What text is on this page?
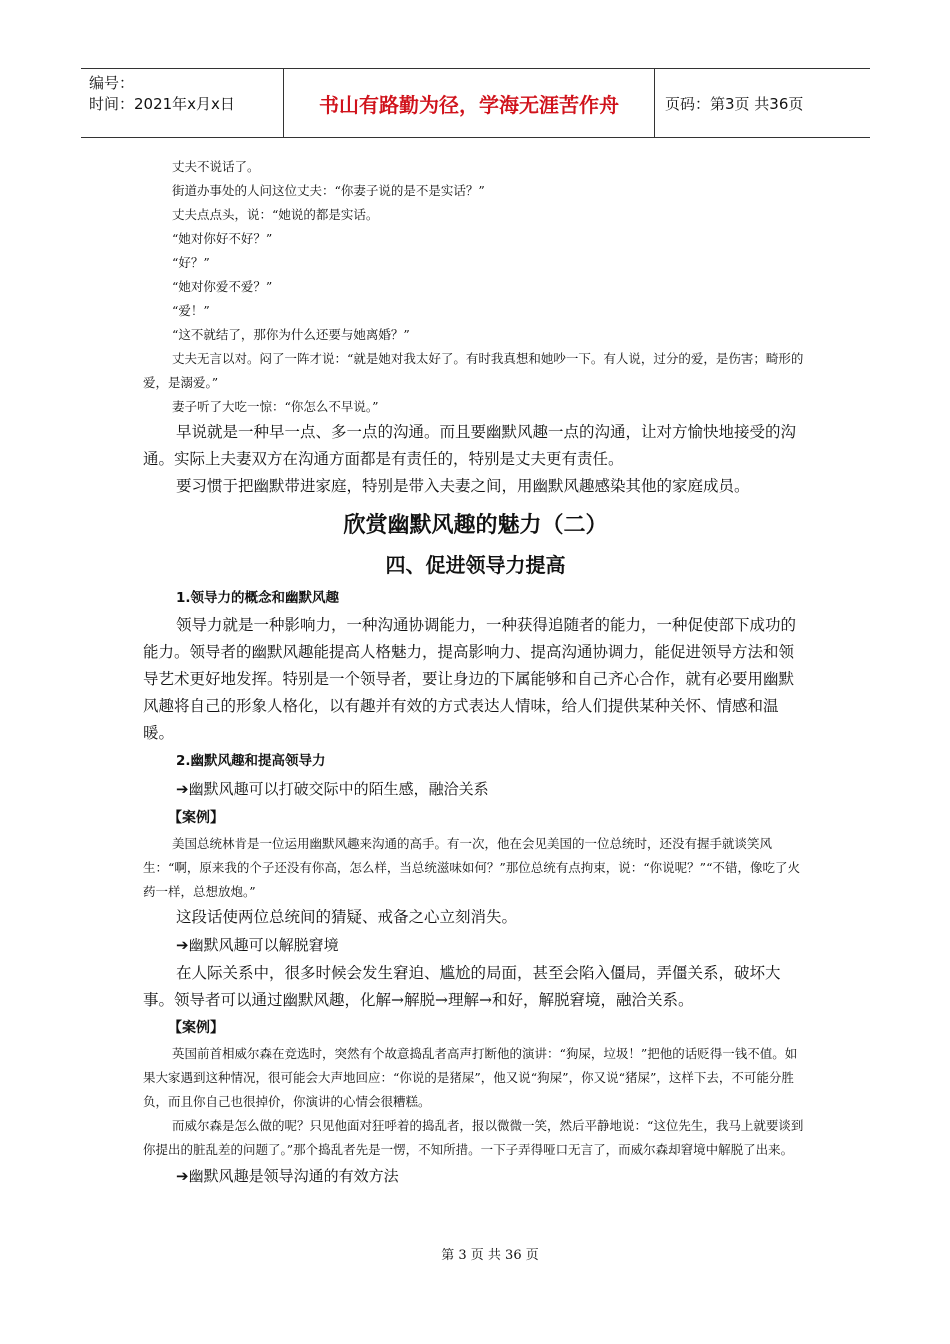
编号：
时间：2021年x月x日	书山有路勤为径，学海无涯苦作舟	页码：第3页 共36页

丈夫不说话了。

街道办事处的人问这位丈夫：“你妻子说的是不是实话？”

丈夫点点头，说：“她说的都是实话。

“她对你好不好？”

“好？”

“她对你爱不爱？”

“爱！”

“这不就结了，那你为什么还要与她离婚？”

丈夫无言以对。闷了一阵才说：“就是她对我太好了。有时我真想和她吵一下。有人说，过分的爱，是伤害；畸形的爱，是溺爱。”

妻子听了大吃一惊：“你怎么不早说。”

早说就是一种早一点、多一点的沟通。而且要幽默风趣一点的沟通，让对方愉快地接受的沟通。实际上夫妻双方在沟通方面都是有责任的，特别是丈夫更有责任。

要习惯于把幽默带进家庭，特别是带入夫妻之间，用幽默风趣感染其他的家庭成员。

欣赏幽默风趣的魅力（二）
四、促进领导力提高

1.领导力的概念和幽默风趣

领导力就是一种影响力，一种沟通协调能力，一种获得追随者的能力，一种促使部下成功的能力。领导者的幽默风趣能提高人格魅力，提高影响力、提高沟通协调力，能促进领导方法和领导艺术更好地发挥。特别是一个领导者，要让身边的下属能够和自己齐心合作，就有必要用幽默风趣将自己的形象人格化，以有趣并有效的方式表达人情味，给人们提供某种关怀、情感和温暖。

2.幽默风趣和提高领导力

➔幽默风趣可以打破交际中的陌生感，融洽关系

【案例】

美国总统林肯是一位运用幽默风趣来沟通的高手。有一次，他在会见美国的一位总统时，还没有握手就谈笑风生：“啊，原来我的个子还没有你高，怎么样，当总统滋味如何？”那位总统有点拘束，说：“你说呢？”“不错，像吃了火药一样，总想放炮。”

这段话使两位总统间的猜疑、戒备之心立刻消失。

➔幽默风趣可以解脱窘境

在人际关系中，很多时候会发生窘迫、尴尬的局面，甚至会陷入僵局，弄僵关系，破坏大事。领导者可以通过幽默风趣，化解→解脱→理解→和好，解脱窘境，融洽关系。

【案例】

英国前首相威尔森在竞选时，突然有个故意捣乱者高声打断他的演讲：“狗屎，垃圾！”把他的话贬得一钱不值。如果大家遇到这种情况，很可能会大声地回应：“你说的是猪屎”，他又说“狗屎”，你又说“猪屎”，这样下去，不可能分胜负，而且你自己也很掉价，你演讲的心情会很糟糕。

而威尔森是怎么做的呢？只见他面对狂呼着的捣乱者，报以微微一笑，然后平静地说：“这位先生，我马上就要谈到你提出的脏乱差的问题了。”那个捣乱者先是一愣，不知所措。一下子弄得哑口无言了，而威尔森却窘境中解脱了出来。

➔幽默风趣是领导沟通的有效方法

第 3 页 共 36 页
